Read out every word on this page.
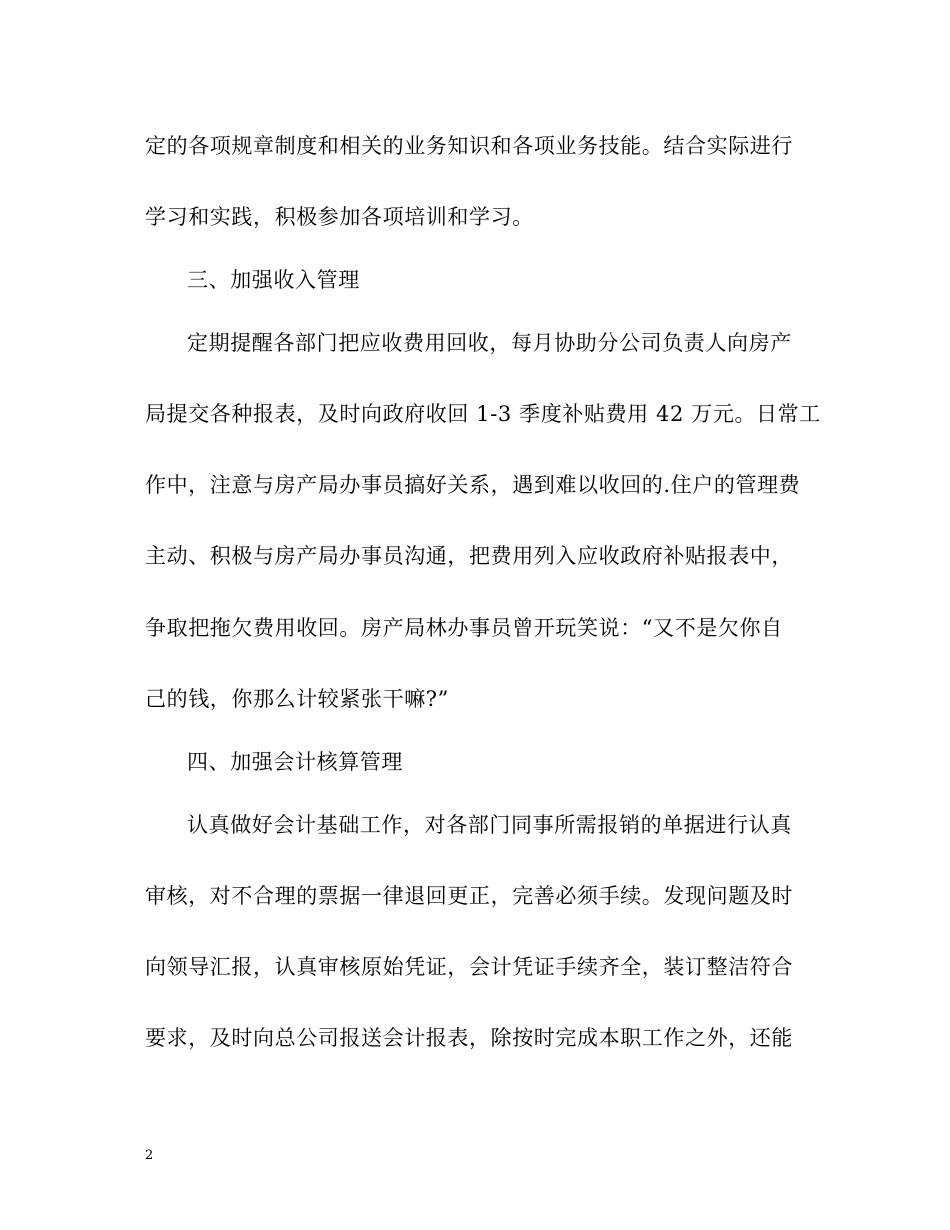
定的各项规章制度和相关的业务知识和各项业务技能。结合实际进行
学习和实践，积极参加各项培训和学习。
三、加强收入管理
定期提醒各部门把应收费用回收，每月协助分公司负责人向房产
局提交各种报表，及时向政府收回 1-3 季度补贴费用 42 万元。日常工
作中，注意与房产局办事员搞好关系，遇到难以收回的.住户的管理费
主动、积极与房产局办事员沟通，把费用列入应收政府补贴报表中，
争取把拖欠费用收回。房产局林办事员曾开玩笑说：“又不是欠你自
己的钱，你那么计较紧张干嘛?”
四、加强会计核算管理
认真做好会计基础工作，对各部门同事所需报销的单据进行认真
审核，对不合理的票据一律退回更正，完善必须手续。发现问题及时
向领导汇报，认真审核原始凭证，会计凭证手续齐全，装订整洁符合
要求，及时向总公司报送会计报表，除按时完成本职工作之外，还能
2
